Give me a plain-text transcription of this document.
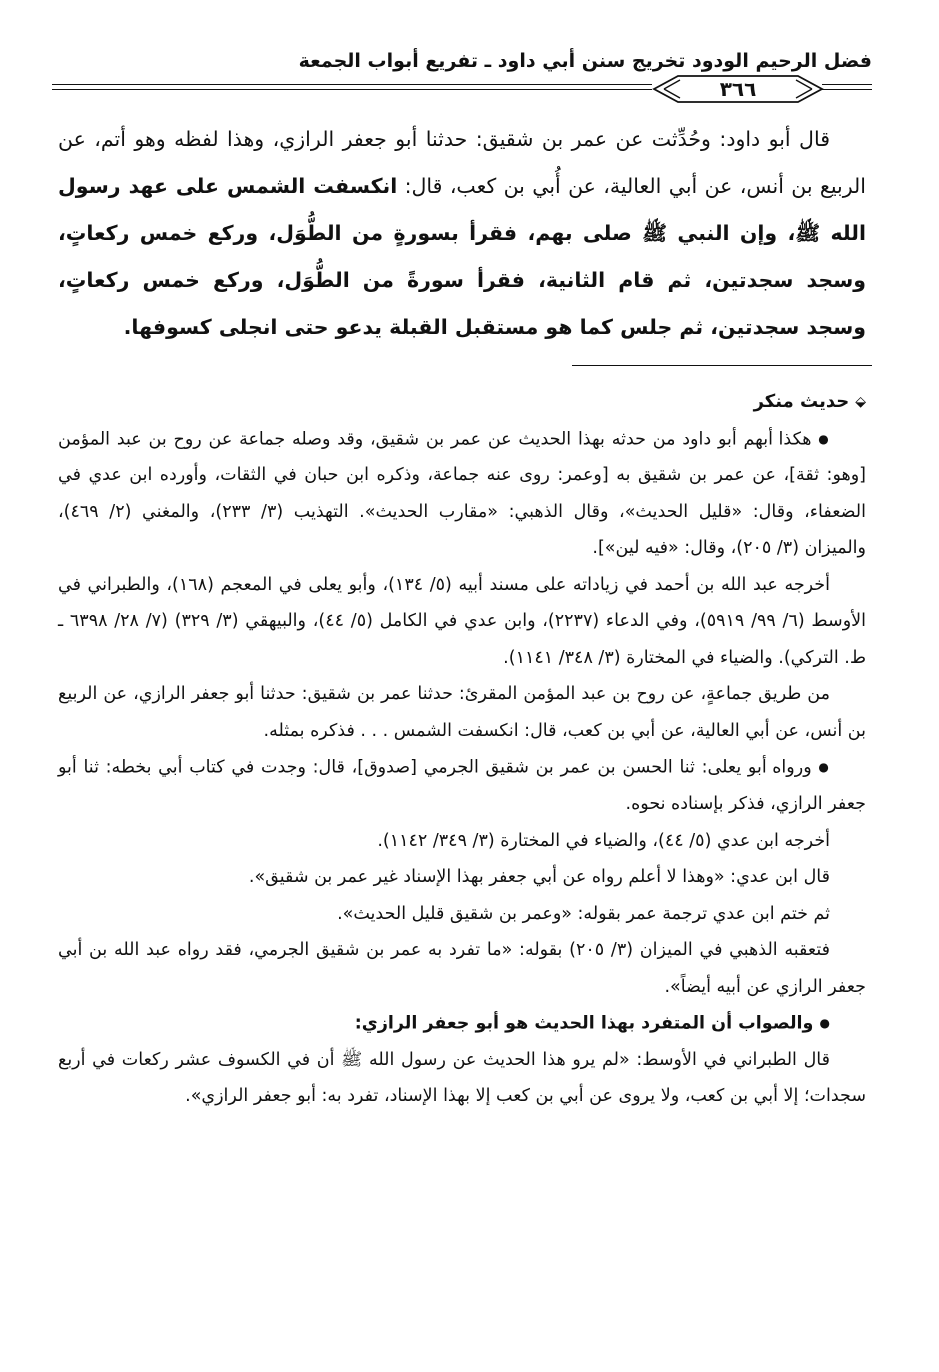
فضل الرحيم الودود تخريج سنن أبي داود ـ تفريع أبواب الجمعة
٣٦٦

قال أبو داود: وحُدِّثت عن عمر بن شقيق: حدثنا أبو جعفر الرازي، وهذا لفظه وهو أتم، عن الربيع بن أنس، عن أبي العالية، عن أُبي بن كعب، قال: انكسفت الشمس على عهد رسول الله ﷺ، وإن النبي ﷺ صلى بهم، فقرأ بسورةٍ من الطُّوَل، وركع خمس ركعاتٍ، وسجد سجدتين، ثم قام الثانية، فقرأ سورةً من الطُّوَل، وركع خمس ركعاتٍ، وسجد سجدتين، ثم جلس كما هو مستقبل القبلة يدعو حتى انجلى كسوفها.

⬙
حديث منكر

● هكذا أبهم أبو داود من حدثه بهذا الحديث عن عمر بن شقيق، وقد وصله جماعة عن روح بن عبد المؤمن [وهو: ثقة]، عن عمر بن شقيق به [وعمر: روى عنه جماعة، وذكره ابن حبان في الثقات، وأورده ابن عدي في الضعفاء، وقال: «قليل الحديث»، وقال الذهبي: «مقارب الحديث». التهذيب (٣/ ٢٣٣)، والمغني (٢/ ٤٦٩)، والميزان (٣/ ٢٠٥)، وقال: «فيه لين»].

أخرجه عبد الله بن أحمد في زياداته على مسند أبيه (٥/ ١٣٤)، وأبو يعلى في المعجم (١٦٨)، والطبراني في الأوسط (٦/ ٩٩/ ٥٩١٩)، وفي الدعاء (٢٢٣٧)، وابن عدي في الكامل (٥/ ٤٤)، والبيهقي (٣/ ٣٢٩) (٧/ ٢٨/ ٦٣٩٨ ـ ط. التركي). والضياء في المختارة (٣/ ٣٤٨/ ١١٤١).

من طريق جماعةٍ، عن روح بن عبد المؤمن المقرئ: حدثنا عمر بن شقيق: حدثنا أبو جعفر الرازي، عن الربيع بن أنس، عن أبي العالية، عن أبي بن كعب، قال: انكسفت الشمس . . . فذكره بمثله.

● ورواه أبو يعلى: ثنا الحسن بن عمر بن شقيق الجرمي [صدوق]، قال: وجدت في كتاب أبي بخطه: ثنا أبو جعفر الرازي، فذكر بإسناده نحوه.

أخرجه ابن عدي (٥/ ٤٤)، والضياء في المختارة (٣/ ٣٤٩/ ١١٤٢).

قال ابن عدي: «وهذا لا أعلم رواه عن أبي جعفر بهذا الإسناد غير عمر بن شقيق».

ثم ختم ابن عدي ترجمة عمر بقوله: «وعمر بن شقيق قليل الحديث».

فتعقبه الذهبي في الميزان (٣/ ٢٠٥) بقوله: «ما تفرد به عمر بن شقيق الجرمي، فقد رواه عبد الله بن أبي جعفر الرازي عن أبيه أيضاً».

● والصواب أن المتفرد بهذا الحديث هو أبو جعفر الرازي:

قال الطبراني في الأوسط: «لم يرو هذا الحديث عن رسول الله ﷺ أن في الكسوف عشر ركعات في أربع سجدات؛ إلا أبي بن كعب، ولا يروى عن أبي بن كعب إلا بهذا الإسناد، تفرد به: أبو جعفر الرازي».
